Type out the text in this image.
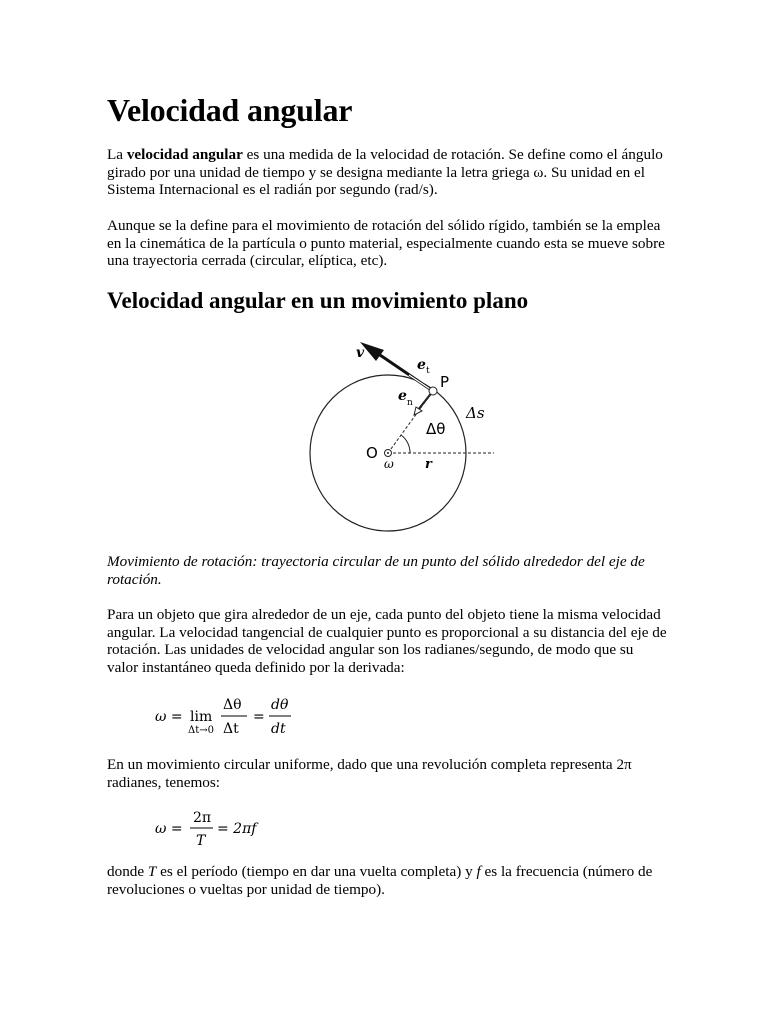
Velocidad angular

La velocidad angular es una medida de la velocidad de rotación. Se define como el ángulo girado por una unidad de tiempo y se designa mediante la letra griega ω. Su unidad en el Sistema Internacional es el radián por segundo (rad/s).

Aunque se la define para el movimiento de rotación del sólido rígido, también se la emplea en la cinemática de la partícula o punto material, especialmente cuando esta se mueve sobre una trayectoria cerrada (circular, elíptica, etc).

Velocidad angular en un movimiento plano

Movimiento de rotación: trayectoria circular de un punto del sólido alrededor del eje de rotación.

Para un objeto que gira alrededor de un eje, cada punto del objeto tiene la misma velocidad angular. La velocidad tangencial de cualquier punto es proporcional a su distancia del eje de rotación. Las unidades de velocidad angular son los radianes/segundo, de modo que su valor instantáneo queda definido por la derivada:

En un movimiento circular uniforme, dado que una revolución completa representa 2π radianes, tenemos:

donde T es el período (tiempo en dar una vuelta completa) y f es la frecuencia (número de revoluciones o vueltas por unidad de tiempo).

v
e t
P
e n
Δs
Δθ
O
ω r
ω = lim
Δt→0
Δθ
Δt
=
dθ
dt
ω =
2π
T
= 2πf
